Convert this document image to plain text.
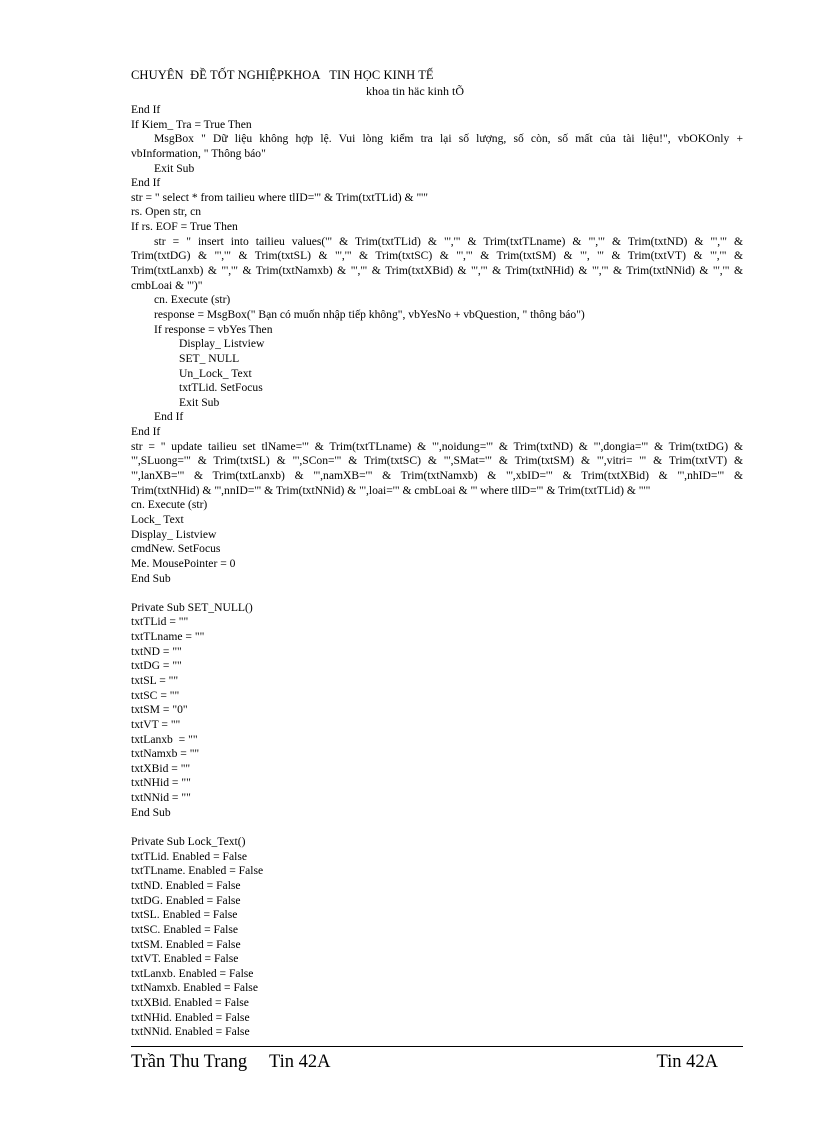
CHUYÊN  ĐỀ TỐT NGHIỆPKHOA   TIN HỌC KINH TẾ
khoa tin häc kinh tÕ
End If
If Kiem_ Tra = True Then
MsgBox " Dữ liệu không hợp lệ. Vui lòng kiểm tra lại số lượng, số còn, số mất của tài liệu!", vbOKOnly +
vbInformation, " Thông báo"
Exit Sub
End If
str = " select * from tailieu where tlID='" & Trim(txtTLid) & "'"
rs. Open str, cn
If rs. EOF = True Then
str = " insert into tailieu values('" & Trim(txtTLid) & "','" & Trim(txtTLname) & "','" & Trim(txtND) & "','" &
Trim(txtDG) & "','" & Trim(txtSL) & "','" & Trim(txtSC) & "','" & Trim(txtSM) & "', '" & Trim(txtVT) & "','" &
Trim(txtLanxb) & "','" & Trim(txtNamxb) & "','" & Trim(txtXBid) & "','" & Trim(txtNHid) & "','" & Trim(txtNNid) & "','" &
cmbLoai & "')"
cn. Execute (str)
response = MsgBox(" Bạn có muốn nhập tiếp không", vbYesNo + vbQuestion, " thông báo")
If response = vbYes Then
Display_ Listview
SET_ NULL
Un_Lock_ Text
txtTLid. SetFocus
Exit Sub
End If
End If
str = " update tailieu set tlName='" & Trim(txtTLname) & "',noidung='" & Trim(txtND) & "',dongia='" & Trim(txtDG) &
"',SLuong='" & Trim(txtSL) & "',SCon='" & Trim(txtSC) & "',SMat='" & Trim(txtSM) & "',vitri= '" & Trim(txtVT) &
"',lanXB='" & Trim(txtLanxb) & "',namXB='" & Trim(txtNamxb) & "',xbID='" & Trim(txtXBid) & "',nhID='" &
Trim(txtNHid) & "',nnID='" & Trim(txtNNid) & "',loai='" & cmbLoai & "' where tlID='" & Trim(txtTLid) & "'"
cn. Execute (str)
Lock_ Text
Display_ Listview
cmdNew. SetFocus
Me. MousePointer = 0
End Sub
Private Sub SET_NULL()
txtTLid = ""
txtTLname = ""
txtND = ""
txtDG = ""
txtSL = ""
txtSC = ""
txtSM = "0"
txtVT = ""
txtLanxb  = ""
txtNamxb = ""
txtXBid = ""
txtNHid = ""
txtNNid = ""
End Sub
Private Sub Lock_Text()
txtTLid. Enabled = False
txtTLname. Enabled = False
txtND. Enabled = False
txtDG. Enabled = False
txtSL. Enabled = False
txtSC. Enabled = False
txtSM. Enabled = False
txtVT. Enabled = False
txtLanxb. Enabled = False
txtNamxb. Enabled = False
txtXBid. Enabled = False
txtNHid. Enabled = False
txtNNid. Enabled = False
Trần Thu Trang Tin 42A	Tin 42A
